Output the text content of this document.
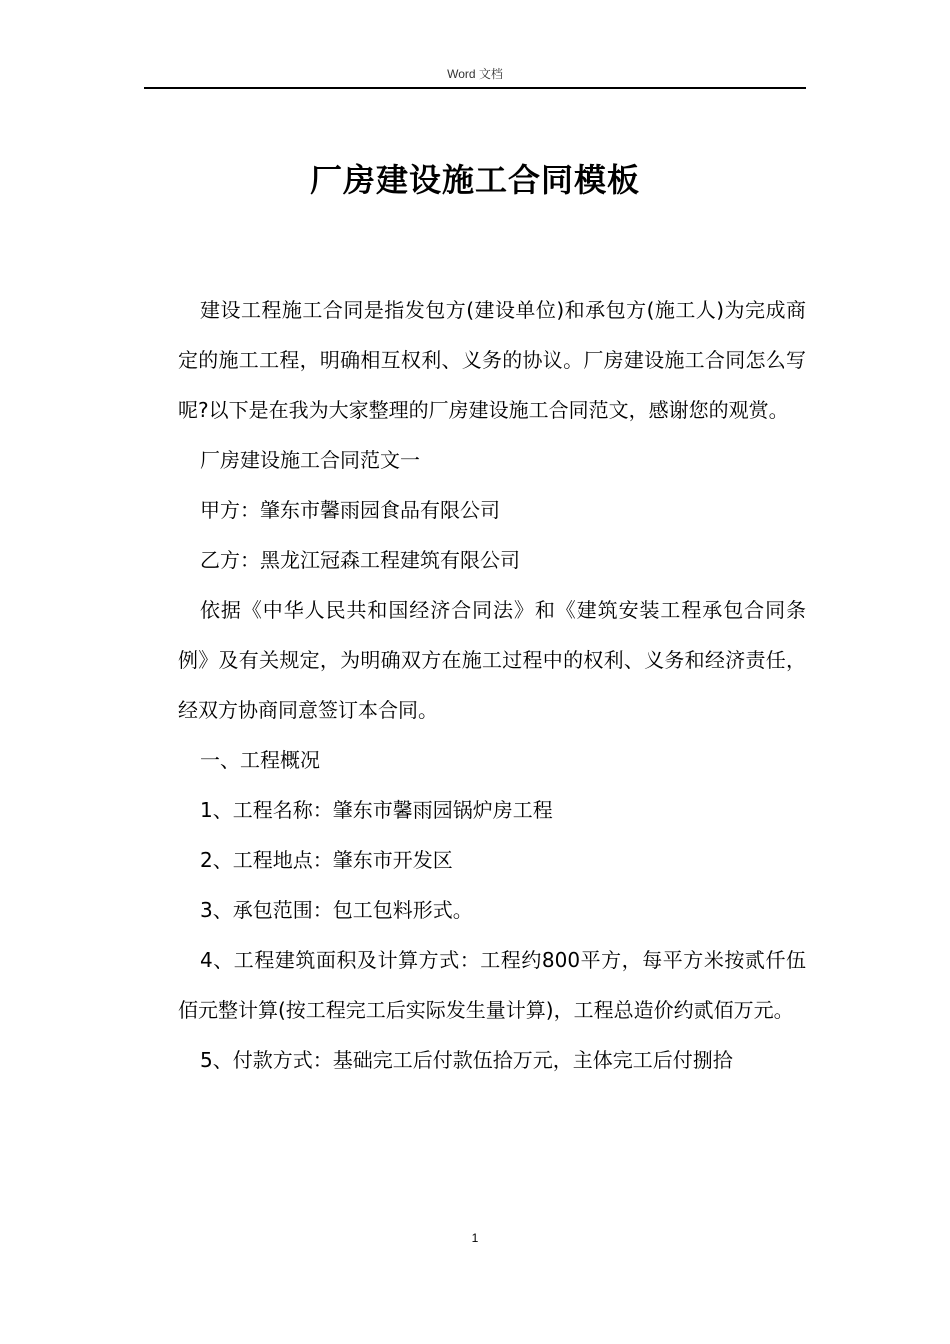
Word 文档
厂房建设施工合同模板

建设工程施工合同是指发包方(建设单位)和承包方(施工人)为完成商定的施工工程，明确相互权利、义务的协议。厂房建设施工合同怎么写呢?以下是在我为大家整理的厂房建设施工合同范文，感谢您的观赏。

厂房建设施工合同范文一

甲方：肇东市馨雨园食品有限公司

乙方：黑龙江冠森工程建筑有限公司

依据《中华人民共和国经济合同法》和《建筑安装工程承包合同条例》及有关规定，为明确双方在施工过程中的权利、义务和经济责任，经双方协商同意签订本合同。

一、工程概况

1、工程名称：肇东市馨雨园锅炉房工程

2、工程地点：肇东市开发区

3、承包范围：包工包料形式。

4、工程建筑面积及计算方式：工程约800平方，每平方米按贰仟伍佰元整计算(按工程完工后实际发生量计算)，工程总造价约贰佰万元。

5、付款方式：基础完工后付款伍拾万元，主体完工后付捌拾

1
